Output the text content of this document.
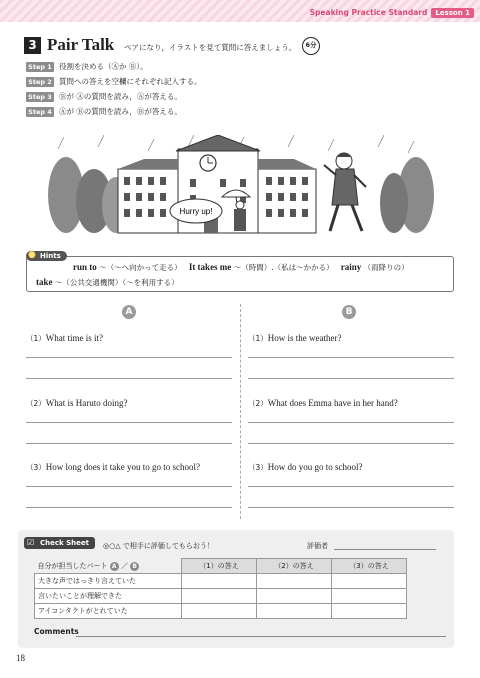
Speaking Practice Standard	Lesson 1
3 Pair Talk ペアになり，イラストを見て質問に答えましょう。	6分
Step 1 役割を決める（Ⓐか Ⓑ）。
Step 2 質問への答えを空欄にそれぞれ記入する。
Step 3 Ⓑが Ⓐの質問を読み，Ⓐが答える。
Step 4 Ⓐが Ⓑの質問を読み，Ⓑが答える。
Hurry up!
Hints
●
run to 〜（〜へ向かって走る） It takes me 〜（時間）.（私は〜かかる） rainy （雨降りの）
take 〜（公共交通機関）（〜を利用する）
A	B
（1）What time is it?
（2）What is Haruto doing?
（3）How long does it take you to go to school?
（1）How is the weather?
（2）What does Emma have in her hand?
（3）How do you go to school?
Check Sheet
☑	◎○△ で相手に評価してもらおう！	評価者
自分が担当したパート A ／ B	（1）の答え	（2）の答え	（3）の答え
大きな声ではっきり言えていた			
言いたいことが理解できた			
アイコンタクトがとれていた			
Comments
18
